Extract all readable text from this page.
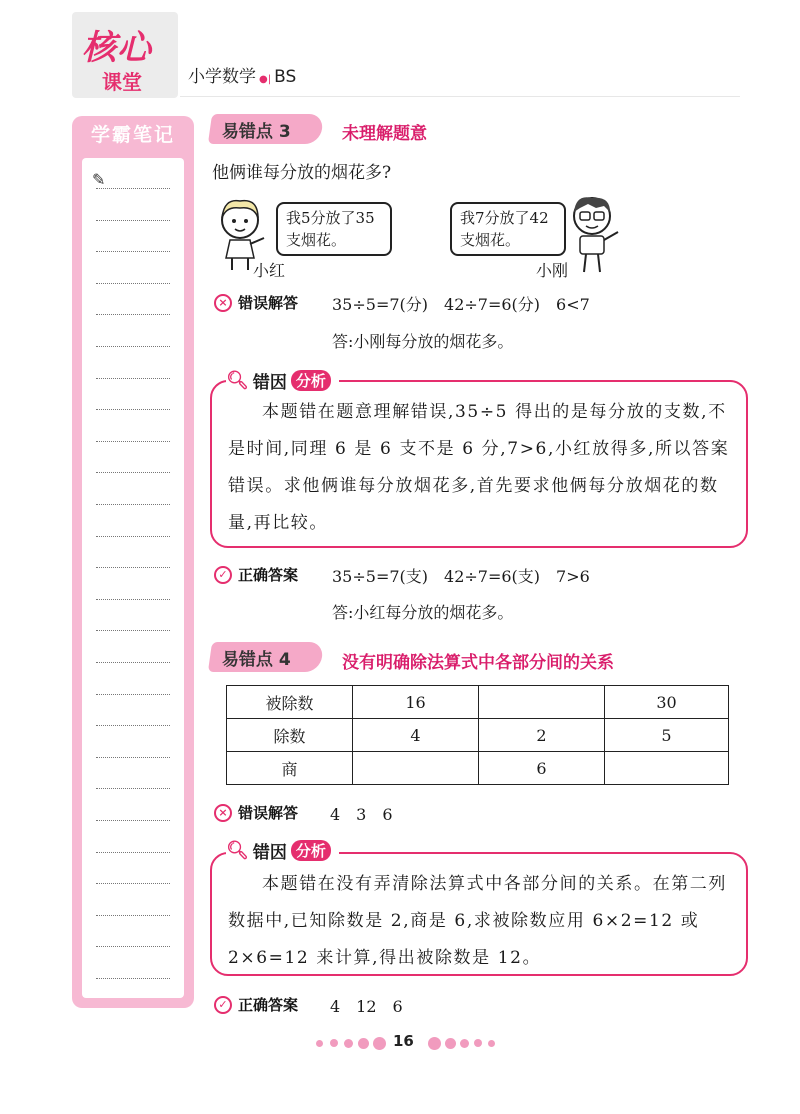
核心
课堂	小学数学 ●| BS
学霸笔记
✎
易错点 3	未理解题意
他俩谁每分放的烟花多?
我5分放了35支烟花。
小红
我7分放了42支烟花。
小刚
× 错误解答 35÷5=7(分)　42÷7=6(分)　6<7
答:小刚每分放的烟花多。
本题错在题意理解错误,35÷5 得出的是每分放的支数,不是时间,同理 6 是 6 支不是 6 分,7>6,小红放得多,所以答案错误。求他俩谁每分放烟花多,首先要求他俩每分放烟花的数量,再比较。
🔍︎ 错因 分析
✓ 正确答案 35÷5=7(支)　42÷7=6(支)　7>6
答:小红每分放的烟花多。
易错点 4	没有明确除法算式中各部分间的关系
被除数	16		30
除数	4	2	5
商		6	
× 错误解答 4　3　6
本题错在没有弄清除法算式中各部分间的关系。在第二列数据中,已知除数是 2,商是 6,求被除数应用 6×2=12 或 2×6=12 来计算,得出被除数是 12。
🔍︎ 错因 分析
✓ 正确答案 4　12　6
16
